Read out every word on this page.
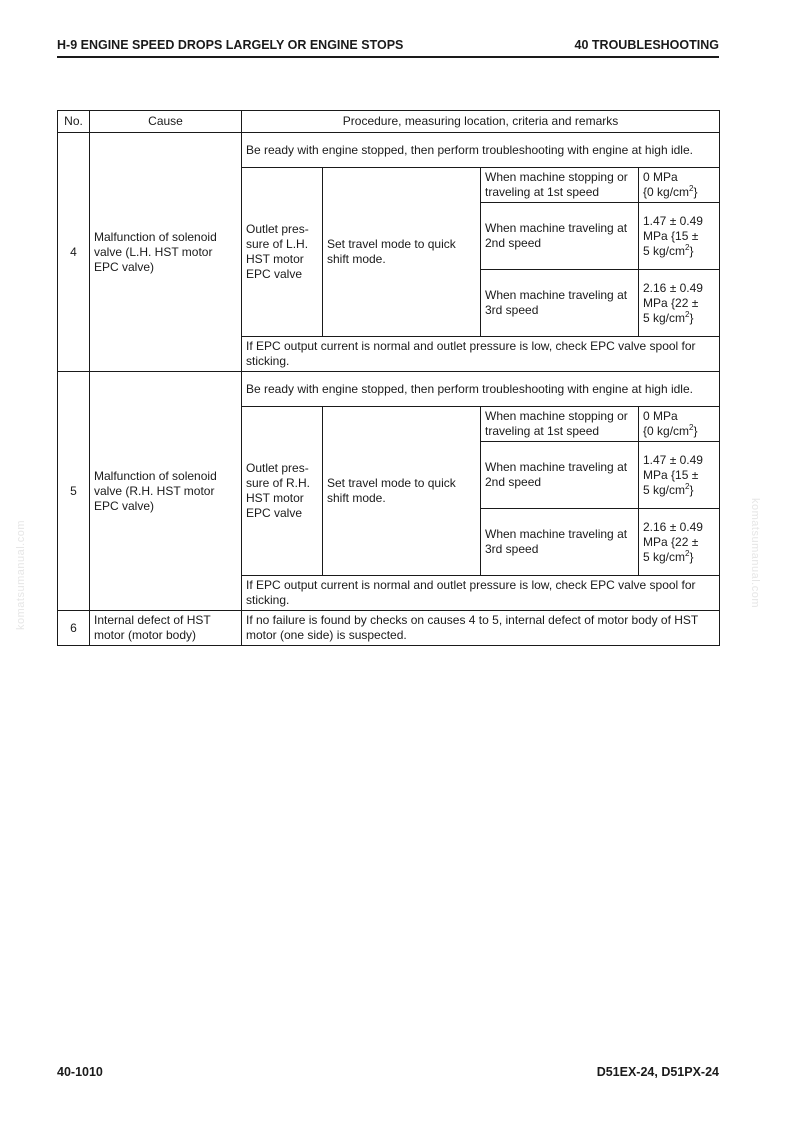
H-9 ENGINE SPEED DROPS LARGELY OR ENGINE STOPS	40 TROUBLESHOOTING
komatsumanual.com	komatsumanual.com
No.	Cause	Procedure, measuring location, criteria and remarks			
4	Malfunction of solenoid valve (L.H. HST motor EPC valve)	Be ready with engine stopped, then perform troubleshooting with engine at high idle.			
		Outlet pres-sure of L.H. HST motor EPC valve	Set travel mode to quick shift mode.	When machine stopping or traveling at 1st speed	0 MPa
{0 $kg/cm^2$}
				When machine traveling at 2nd speed	1.47 ± 0.49 MPa {15 ±
5 $kg/cm^2$}
				When machine traveling at 3rd speed	2.16 ± 0.49 MPa {22 ±
5 $kg/cm^2$}
		If EPC output current is normal and outlet pressure is low, check EPC valve spool for sticking.			
5	Malfunction of solenoid valve (R.H. HST motor EPC valve)	Be ready with engine stopped, then perform troubleshooting with engine at high idle.			
		Outlet pres-sure of R.H. HST motor EPC valve	Set travel mode to quick shift mode.	When machine stopping or traveling at 1st speed	0 MPa
{0 $kg/cm^2$}
				When machine traveling at 2nd speed	1.47 ± 0.49 MPa {15 ±
5 $kg/cm^2$}
				When machine traveling at 3rd speed	2.16 ± 0.49 MPa {22 ±
5 $kg/cm^2$}
		If EPC output current is normal and outlet pressure is low, check EPC valve spool for sticking.			
6	Internal defect of HST motor (motor body)	If no failure is found by checks on causes 4 to 5, internal defect of motor body of HST motor (one side) is suspected.			
40-1010	D51EX-24, D51PX-24
